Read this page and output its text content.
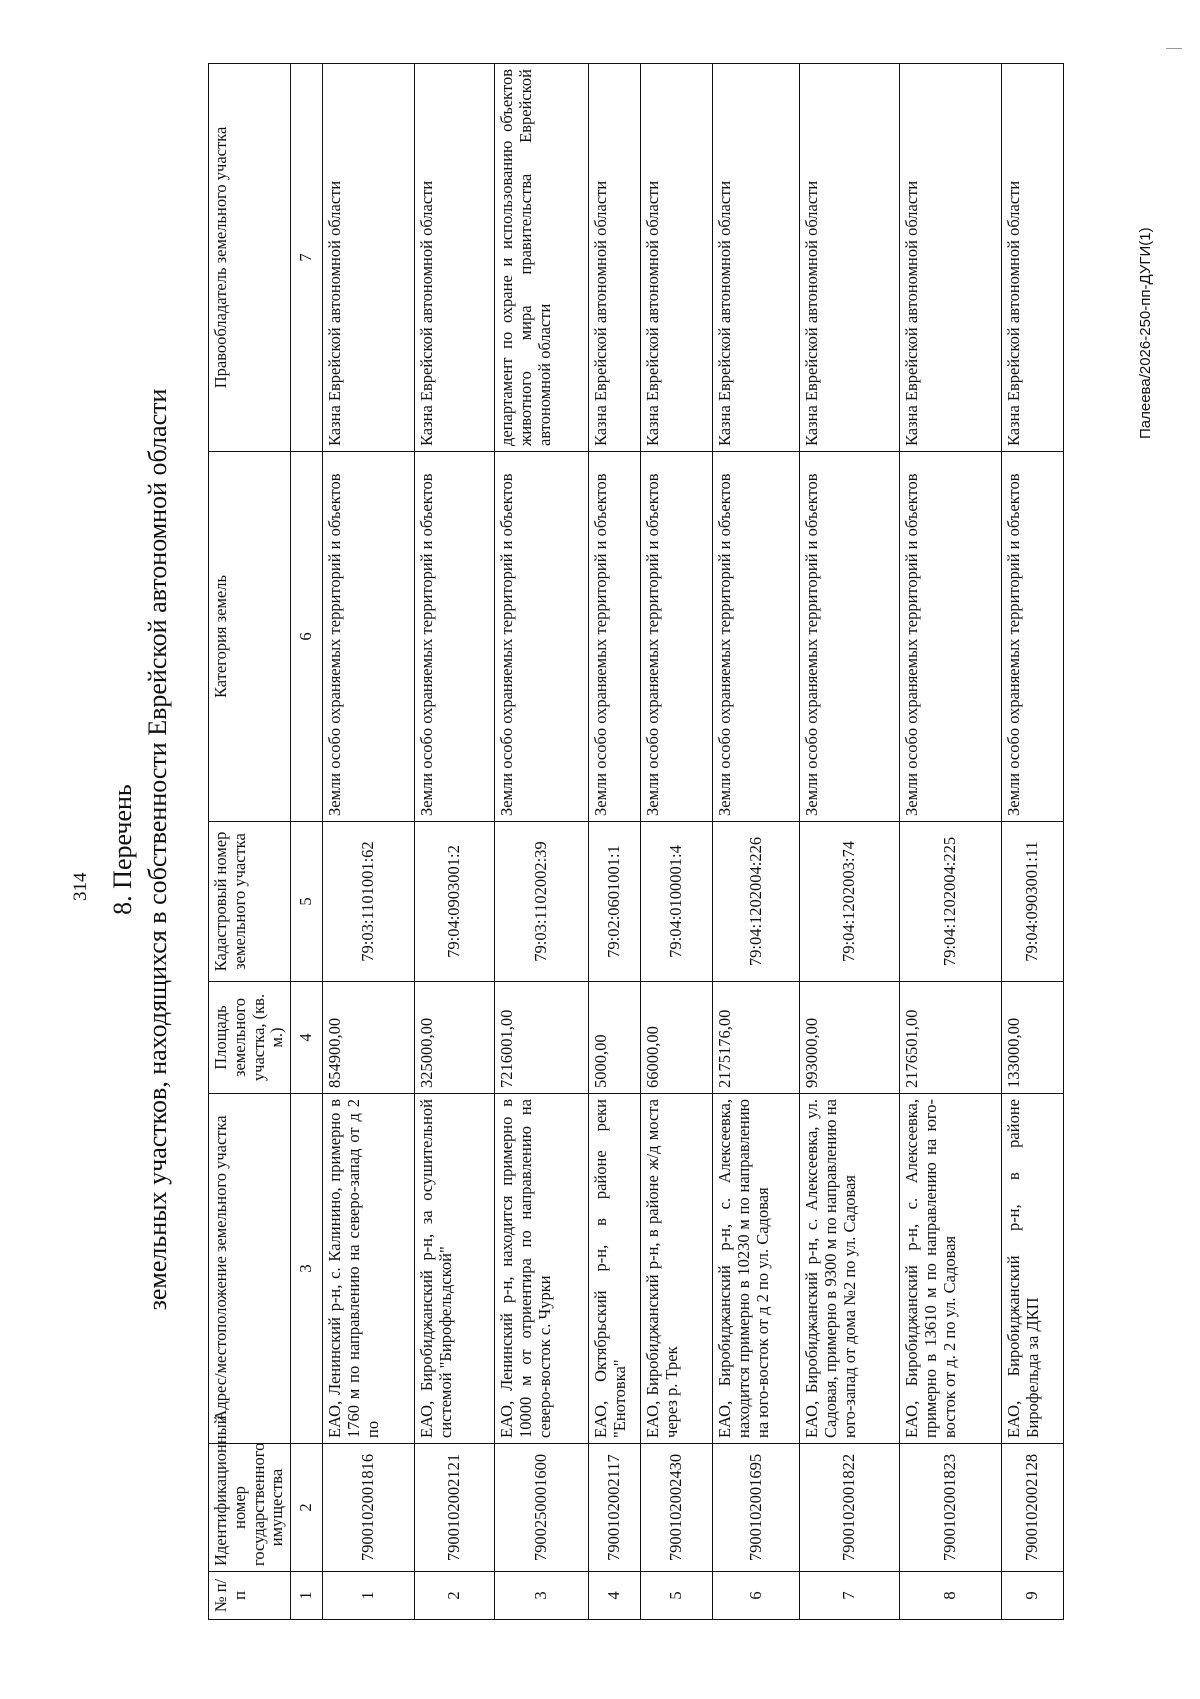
314 8. Перечень земельных участков, находящихся в собственности Еврейской автономной области
№ п/п	Идентификационный номер государственного имущества	Адрес/местоположение земельного участка	Площадь земельного участка, (кв. м.)	Кадастровый номер земельного участка	Категория земель	Правообладатель земельного участка
1	2	3	4	5	6	7
1	7900102001816	ЕАО, Ленинский р-н, с. Калинино, примерно в 1760 м по направлению на северо-запад от д 2 по	854900,00	79:03:1101001:62	Земли особо охраняемых территорий и объектов	Казна Еврейской автономной области
2	7900102002121	ЕАО, Биробиджанский р-н, за осушительной системой "Бирофельдской"	325000,00	79:04:0903001:2	Земли особо охраняемых территорий и объектов	Казна Еврейской автономной области
3	7900250001600	ЕАО, Ленинский р-н, находится примерно в 10000 м от отриентира по направлению на северо-восток с. Чурки	7216001,00	79:03:1102002:39	Земли особо охраняемых территорий и объектов	департамент по охране и использованию объектов животного мира правительства Еврейской автономной области
4	7900102002117	ЕАО, Октябрьский р-н, в районе реки "Енотовка"	5000,00	79:02:0601001:1	Земли особо охраняемых территорий и объектов	Казна Еврейской автономной области
5	7900102002430	ЕАО, Биробиджанский р-н, в районе ж/д моста через р. Трек	66000,00	79:04:0100001:4	Земли особо охраняемых территорий и объектов	Казна Еврейской автономной области
6	7900102001695	ЕАО, Биробиджанский р-н, с. Алексеевка, находится примерно в 10230 м по направлению на юго-восток от д 2 по ул. Садовая	2175176,00	79:04:1202004:226	Земли особо охраняемых территорий и объектов	Казна Еврейской автономной области
7	7900102001822	ЕАО, Биробиджанский р-н, с. Алексеевка, ул. Садовая, примерно в 9300 м по направлению на юго-запад от дома №2 по ул. Садовая	993000,00	79:04:1202003:74	Земли особо охраняемых территорий и объектов	Казна Еврейской автономной области
8	7900102001823	ЕАО, Биробиджанский р-н, с. Алексеевка, примерно в 13610 м по направлению на юго-восток от д. 2 по ул. Садовая	2176501,00	79:04:1202004:225	Земли особо охраняемых территорий и объектов	Казна Еврейской автономной области
9	7900102002128	ЕАО, Биробиджанский р-н, в районе Бирофельда за ДКП	133000,00	79:04:0903001:11	Земли особо охраняемых территорий и объектов	Казна Еврейской автономной области	Палеева/2026-250-пп-ДУГИ(1)
